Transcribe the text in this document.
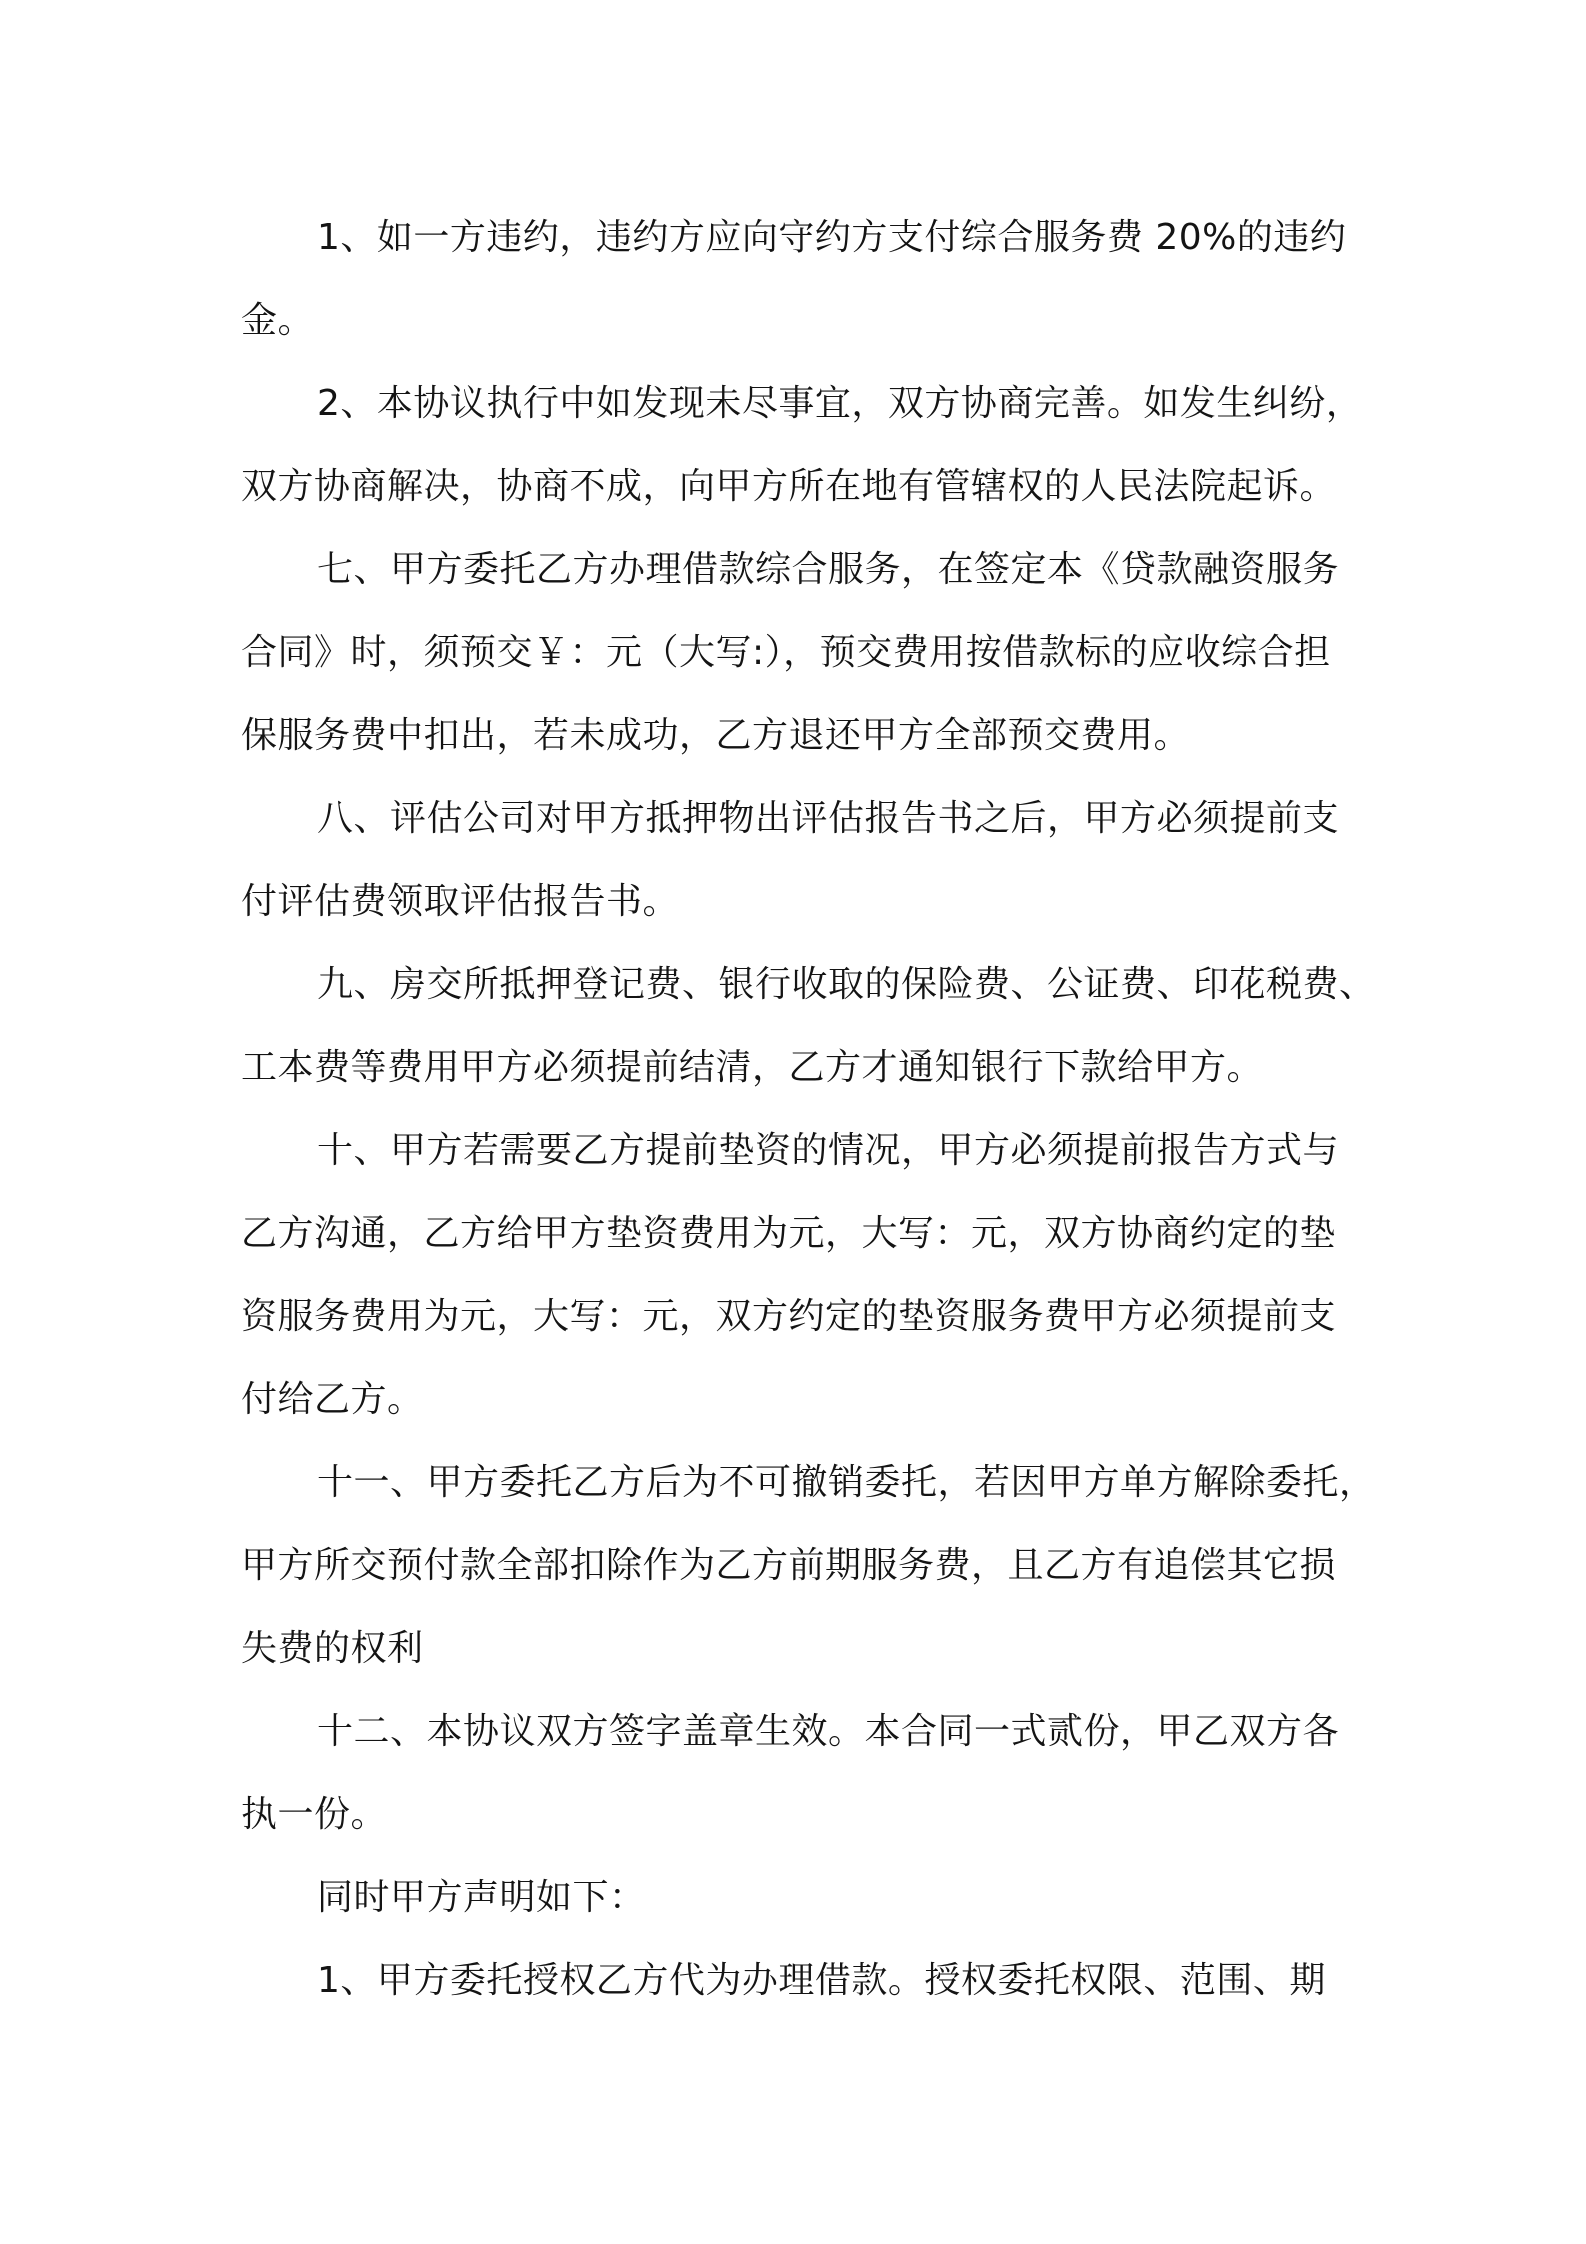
1、如一方违约，违约方应向守约方支付综合服务费 20%的违约
金。
2、本协议执行中如发现未尽事宜，双方协商完善。如发生纠纷，
双方协商解决，协商不成，向甲方所在地有管辖权的人民法院起诉。
七、甲方委托乙方办理借款综合服务，在签定本《贷款融资服务
合同》时，须预交￥：元（大写:），预交费用按借款标的应收综合担
保服务费中扣出，若未成功，乙方退还甲方全部预交费用。
八、评估公司对甲方抵押物出评估报告书之后，甲方必须提前支
付评估费领取评估报告书。
九、房交所抵押登记费、银行收取的保险费、公证费、印花税费、
工本费等费用甲方必须提前结清，乙方才通知银行下款给甲方。
十、甲方若需要乙方提前垫资的情况，甲方必须提前报告方式与
乙方沟通，乙方给甲方垫资费用为元，大写：元，双方协商约定的垫
资服务费用为元，大写：元，双方约定的垫资服务费甲方必须提前支
付给乙方。
十一、甲方委托乙方后为不可撤销委托，若因甲方单方解除委托，
甲方所交预付款全部扣除作为乙方前期服务费，且乙方有追偿其它损
失费的权利
十二、本协议双方签字盖章生效。本合同一式贰份，甲乙双方各
执一份。
同时甲方声明如下：
1、甲方委托授权乙方代为办理借款。授权委托权限、范围、期
